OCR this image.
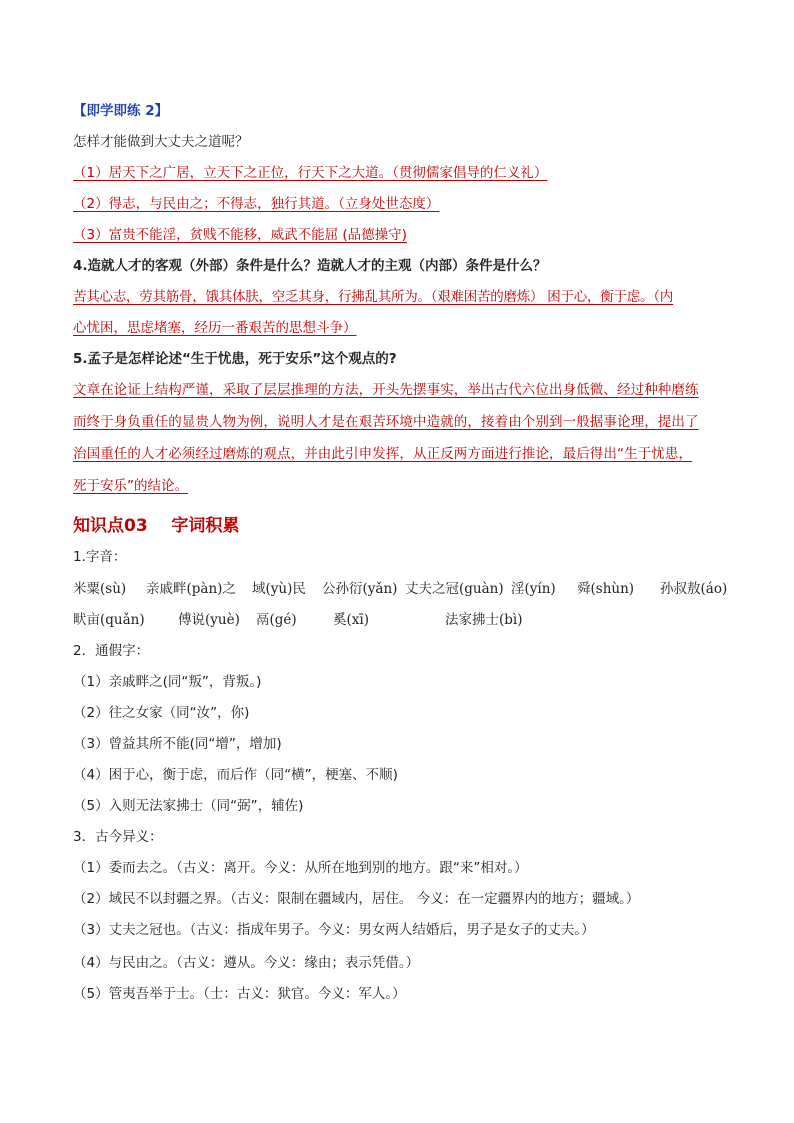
【即学即练 2】
怎样才能做到大丈夫之道呢？
（1）居天下之广居，立天下之正位，行天下之大道。（贯彻儒家倡导的仁义礼）
（2）得志，与民由之；不得志，独行其道。（立身处世态度）
（3）富贵不能淫，贫贱不能移，威武不能屈 (品德操守)
4.造就人才的客观（外部）条件是什么？造就人才的主观（内部）条件是什么？
苦其心志，劳其筋骨，饿其体肤，空乏其身，行拂乱其所为。（艰难困苦的磨炼） 困于心，衡于虑。（内
心忧困，思虑堵塞，经历一番艰苦的思想斗争）
5.孟子是怎样论述“生于忧患，死于安乐”这个观点的?
文章在论证上结构严谨，采取了层层推理的方法，开头先摆事实，举出古代六位出身低微、经过种种磨练
而终于身负重任的显贵人物为例，说明人才是在艰苦环境中造就的，接着由个别到一般据事论理，提出了
治国重任的人才必须经过磨炼的观点，并由此引申发挥，从正反两方面进行推论，最后得出“生于忧患，
死于安乐”的结论。
知识点03    字词积累
1.字音：
米粟(sù) 亲戚畔(pàn)之 域(yù)民 公孙衍(yǎn) 丈夫之冠(guàn) 淫(yín) 舜(shùn) 孙叔敖(áo)
畎亩(quǎn) 傅说(yuè) 鬲(gé)	奚(xī)	法家拂士(bì)
2．通假字：
（1）亲戚畔之(同“叛”，背叛。)
（2）往之女家（同“汝”，你)
（3）曾益其所不能(同“增”，增加)
（4）困于心，衡于虑，而后作（同“横”，梗塞、不顺)
（5）入则无法家拂士（同“弼”，辅佐)
3．古今异义：
（1）委而去之。（古义：离开。今义：从所在地到别的地方。跟“来”相对。）
（2）域民不以封疆之界。（古义：限制在疆域内，居住。 今义：在一定疆界内的地方；疆域。）
（3）丈夫之冠也。（古义：指成年男子。今义：男女两人结婚后，男子是女子的丈夫。）
（4）与民由之。（古义：遵从。今义：缘由；表示凭借。）
（5）管夷吾举于士。（士：古义：狱官。今义：军人。）
